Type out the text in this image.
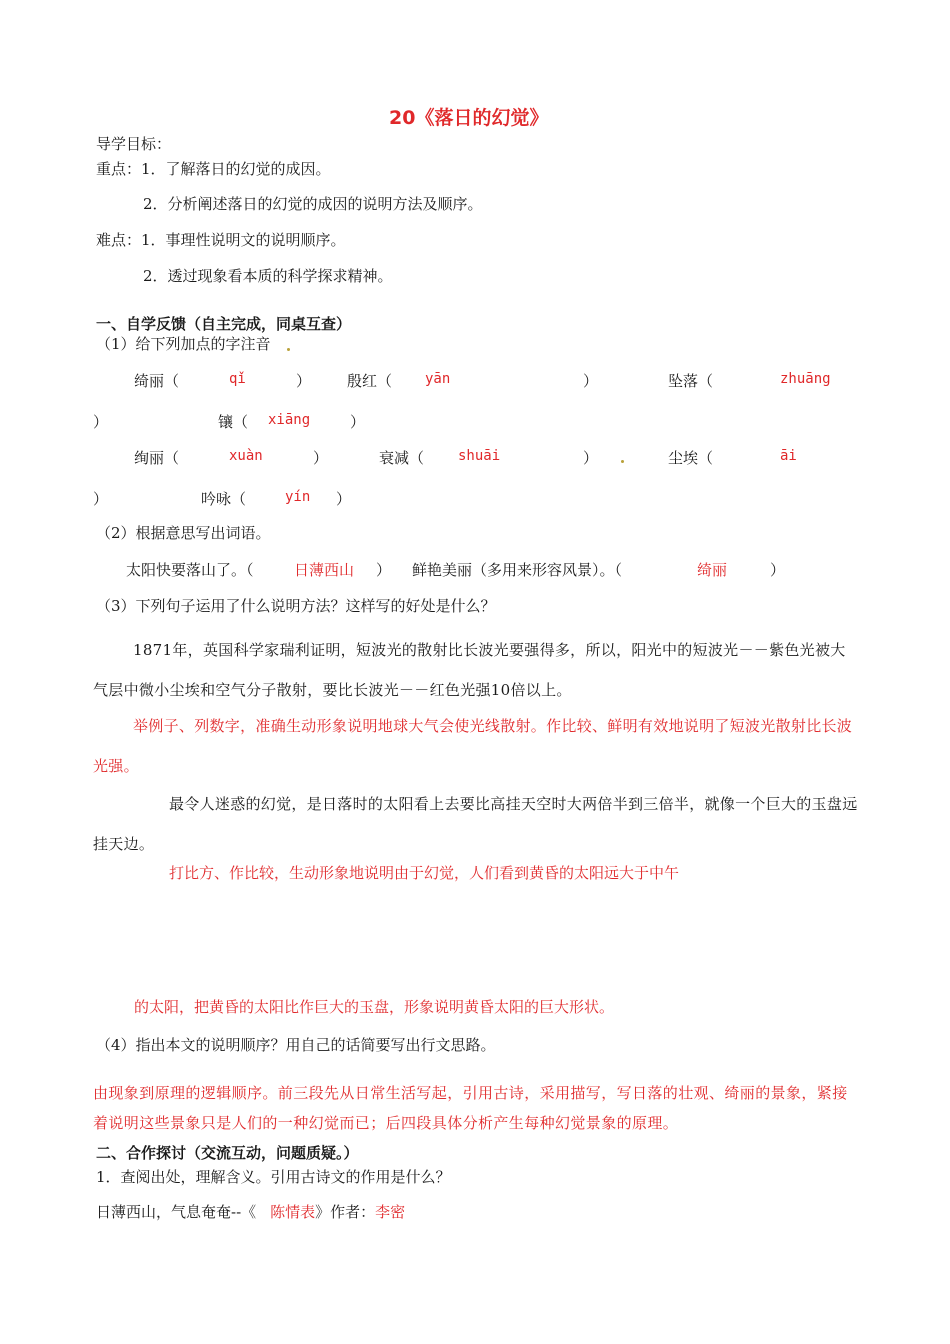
20《落日的幻觉》
导学目标：
重点：1．了解落日的幻觉的成因。
2．分析阐述落日的幻觉的成因的说明方法及顺序。
难点：1．事理性说明文的说明顺序。
2．透过现象看本质的科学探求精神。
一、自学反馈（自主完成，同桌互查）
（1）给下列加点的字注音
绮丽（	qǐ	） 殷红（ yān	）	坠落（	zhuāng
）	镶（ xiāng	）
绚丽（	xuàn	）	衰减（ shuāi	）	尘埃（	āi
）	吟咏（	yín ）
（2）根据意思写出词语。
太阳快要落山了。（	日薄西山 ） 鲜艳美丽（多用来形容风景）。（	绮丽	）
（3）下列句子运用了什么说明方法？这样写的好处是什么？
1871年，英国科学家瑞利证明，短波光的散射比长波光要强得多，所以，阳光中的短波光－－紫色光被大气层中微小尘埃和空气分子散射，要比长波光－－红色光强10倍以上。
举例子、列数字，准确生动形象说明地球大气会使光线散射。作比较、鲜明有效地说明了短波光散射比长波光强。
最令人迷惑的幻觉，是日落时的太阳看上去要比高挂天空时大两倍半到三倍半，就像一个巨大的玉盘远挂天边。
打比方、作比较，生动形象地说明由于幻觉，人们看到黄昏的太阳远大于中午
的太阳，把黄昏的太阳比作巨大的玉盘，形象说明黄昏太阳的巨大形状。
（4）指出本文的说明顺序？用自己的话简要写出行文思路。
由现象到原理的逻辑顺序。前三段先从日常生活写起，引用古诗，采用描写，写日落的壮观、绮丽的景象，紧接着说明这些景象只是人们的一种幻觉而已；后四段具体分析产生每种幻觉景象的原理。
二、合作探讨（交流互动，问题质疑。）
1．查阅出处，理解含义。引用古诗文的作用是什么？
日薄西山，气息奄奄--《 陈情表》作者：李密
